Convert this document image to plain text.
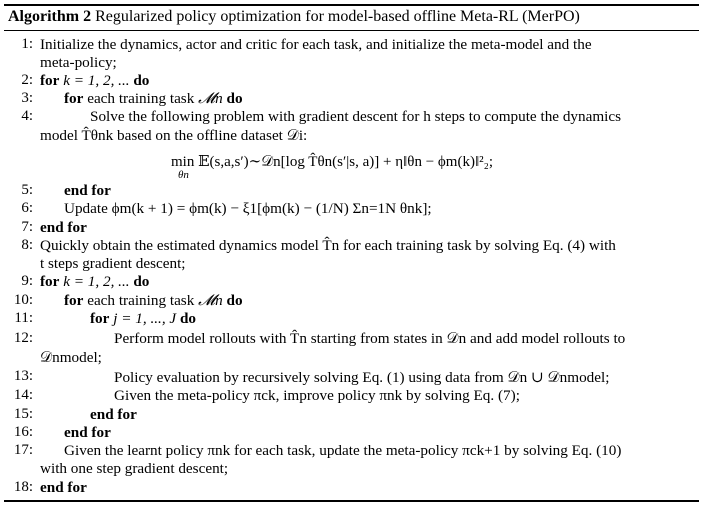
Algorithm 2 Regularized policy optimization for model-based offline Meta-RL (MerPO)
1: Initialize the dynamics, actor and critic for each task, and initialize the meta-model and the
meta-policy;
2: for k = 1, 2, ... do
3: for each training task 𝓜n do
4:	Solve the following problem with gradient descent for h steps to compute the dynamics
model T̂θnk based on the offline dataset 𝒟i:
min 𝔼(s,a,s′)∼𝒟n[log T̂θn(s′|s, a)] + η‖θn − ϕm(k)‖²₂;
θn
5: end for
6: Update ϕm(k + 1) = ϕm(k) − ξ1[ϕm(k) − (1/N) Σn=1N θnk];
7: end for
8: Quickly obtain the estimated dynamics model T̂n for each training task by solving Eq. (4) with
t steps gradient descent;
9: for k = 1, 2, ... do
10: for each training task 𝓜n do
11:	for j = 1, ..., J do
12:	Perform model rollouts with T̂n starting from states in 𝒟n and add model rollouts to
𝒟nmodel;
13:	Policy evaluation by recursively solving Eq. (1) using data from 𝒟n ∪ 𝒟nmodel;
14:	Given the meta-policy πck, improve policy πnk by solving Eq. (7);
15:	end for
16: end for
17: Given the learnt policy πnk for each task, update the meta-policy πck+1 by solving Eq. (10)
with one step gradient descent;
18: end for
